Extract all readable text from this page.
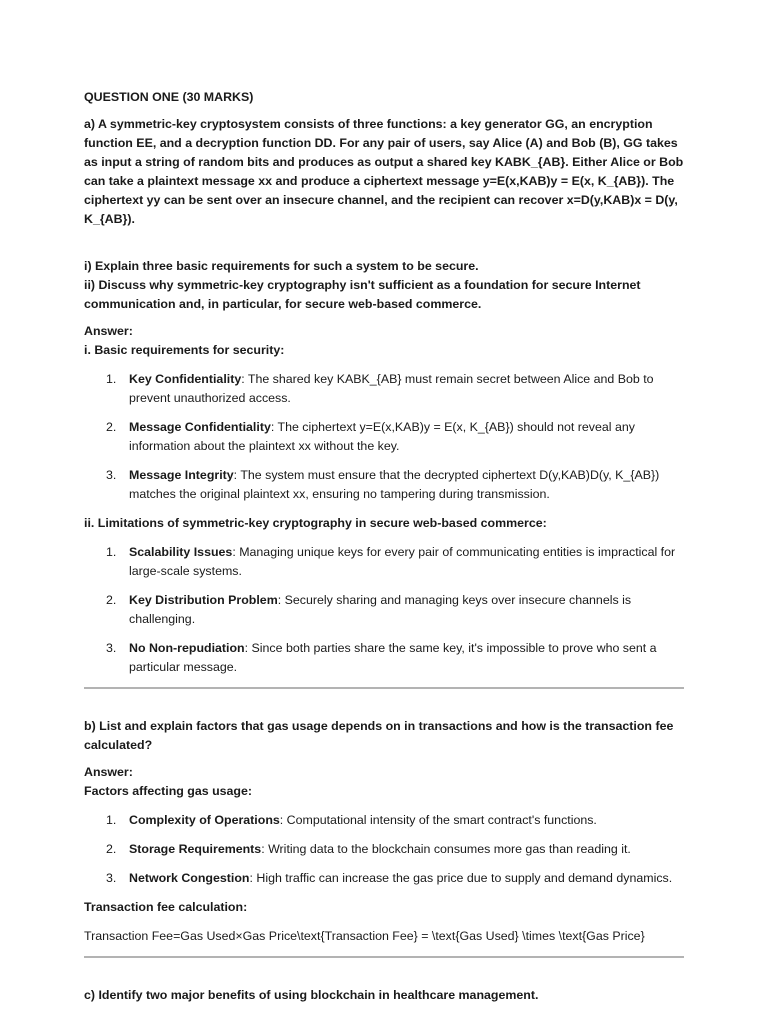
QUESTION ONE (30 MARKS)

a) A symmetric-key cryptosystem consists of three functions: a key generator GG, an encryption function EE, and a decryption function DD. For any pair of users, say Alice (A) and Bob (B), GG takes as input a string of random bits and produces as output a shared key KABK_{AB}. Either Alice or Bob can take a plaintext message xx and produce a ciphertext message y=E(x,KAB)y = E(x, K_{AB}). The ciphertext yy can be sent over an insecure channel, and the recipient can recover x=D(y,KAB)x = D(y, K_{AB}).

i) Explain three basic requirements for such a system to be secure.

ii) Discuss why symmetric-key cryptography isn't sufficient as a foundation for secure Internet communication and, in particular, for secure web-based commerce.

Answer:

i. Basic requirements for security:

1. Key Confidentiality: The shared key KABK_{AB} must remain secret between Alice and Bob to prevent unauthorized access.
2. Message Confidentiality: The ciphertext y=E(x,KAB)y = E(x, K_{AB}) should not reveal any information about the plaintext xx without the key.
3. Message Integrity: The system must ensure that the decrypted ciphertext D(y,KAB)D(y, K_{AB}) matches the original plaintext xx, ensuring no tampering during transmission.

ii. Limitations of symmetric-key cryptography in secure web-based commerce:

1. Scalability Issues: Managing unique keys for every pair of communicating entities is impractical for large-scale systems.
2. Key Distribution Problem: Securely sharing and managing keys over insecure channels is challenging.
3. No Non-repudiation: Since both parties share the same key, it's impossible to prove who sent a particular message.

b) List and explain factors that gas usage depends on in transactions and how is the transaction fee calculated?

Answer:

Factors affecting gas usage:

1. Complexity of Operations: Computational intensity of the smart contract's functions.
2. Storage Requirements: Writing data to the blockchain consumes more gas than reading it.
3. Network Congestion: High traffic can increase the gas price due to supply and demand dynamics.

Transaction fee calculation:

Transaction Fee=Gas Used×Gas Price\text{Transaction Fee} = \text{Gas Used} \times \text{Gas Price}

c) Identify two major benefits of using blockchain in healthcare management.
